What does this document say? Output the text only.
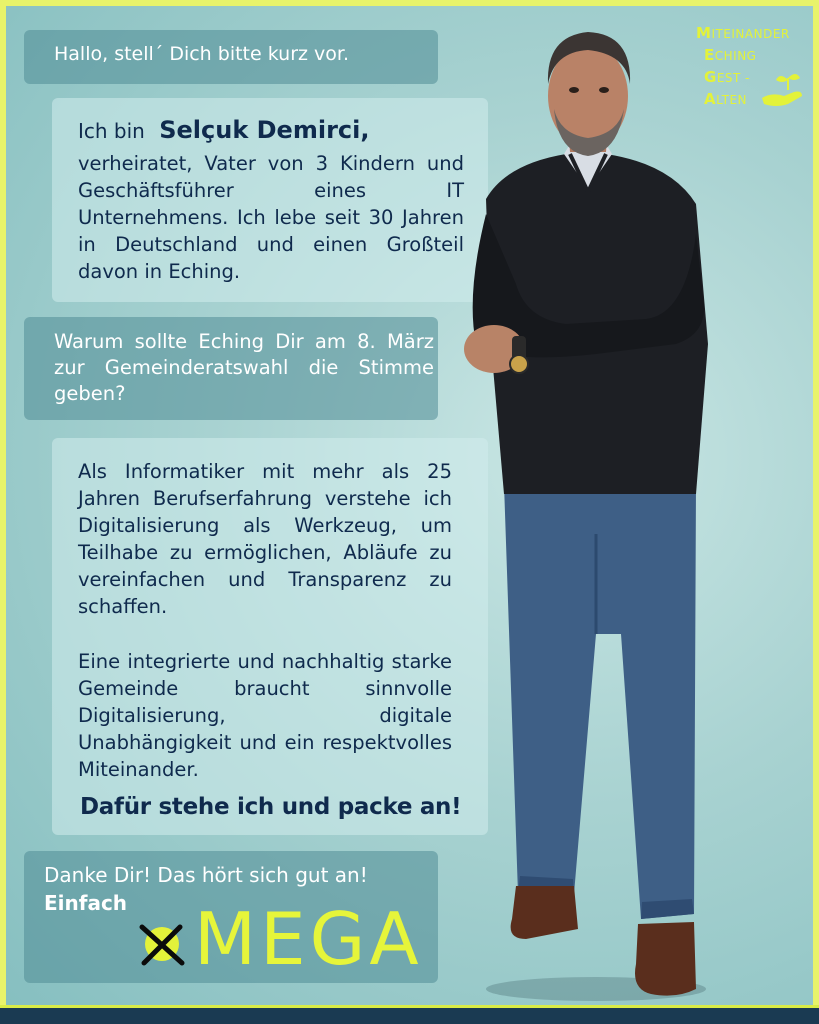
Hallo, stell´ Dich bitte kurz vor.
Ich bin Selçuk Demirci,
verheiratet, Vater von 3 Kindern und Geschäftsführer eines IT Unternehmens. Ich lebe seit 30 Jahren in Deutschland und einen Großteil davon in Eching.
Warum sollte Eching Dir am 8. März zur Gemeinderatswahl die Stimme geben?
Als Informatiker mit mehr als 25 Jahren Berufserfahrung verstehe ich Digitalisierung als Werkzeug, um Teilhabe zu ermöglichen, Abläufe zu vereinfachen und Transparenz zu schaffen.
Eine integrierte und nachhaltig starke Gemeinde braucht sinnvolle Digitalisierung, digitale Unabhängigkeit und ein respektvolles Miteinander.
Dafür stehe ich und packe an!
Danke Dir! Das hört sich gut an!
Einfach MEGA
MITEINANDER
ECHING
GEST -
ALTEN
